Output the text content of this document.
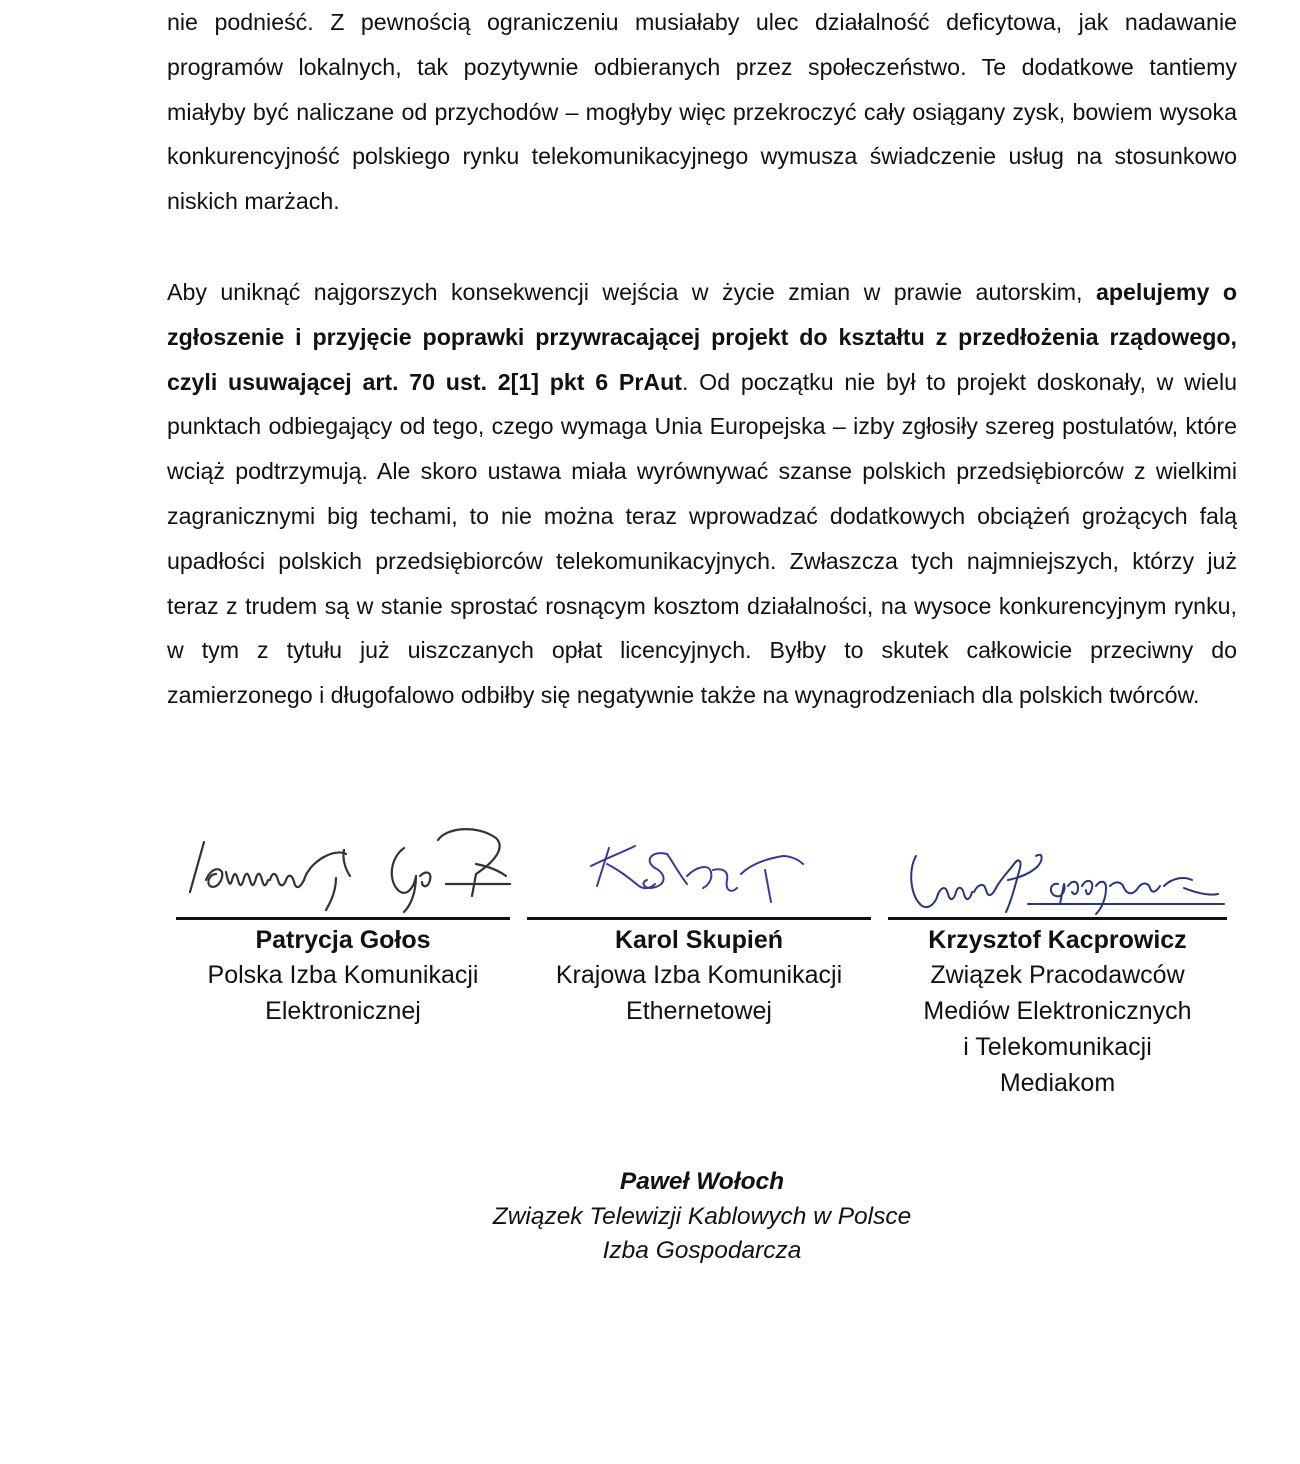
nie podnieść. Z pewnością ograniczeniu musiałaby ulec działalność deficytowa, jak nadawanie programów lokalnych, tak pozytywnie odbieranych przez społeczeństwo. Te dodatkowe tantiemy miałyby być naliczane od przychodów – mogłyby więc przekroczyć cały osiągany zysk, bowiem wysoka konkurencyjność polskiego rynku telekomunikacyjnego wymusza świadczenie usług na stosunkowo niskich marżach.

Aby uniknąć najgorszych konsekwencji wejścia w życie zmian w prawie autorskim, apelujemy o zgłoszenie i przyjęcie poprawki przywracającej projekt do kształtu z przedłożenia rządowego, czyli usuwającej art. 70 ust. 2[1] pkt 6 PrAut. Od początku nie był to projekt doskonały, w wielu punktach odbiegający od tego, czego wymaga Unia Europejska – izby zgłosiły szereg postulatów, które wciąż podtrzymują. Ale skoro ustawa miała wyrównywać szanse polskich przedsiębiorców z wielkimi zagranicznymi big techami, to nie można teraz wprowadzać dodatkowych obciążeń grożących falą upadłości polskich przedsiębiorców telekomunikacyjnych. Zwłaszcza tych najmniejszych, którzy już teraz z trudem są w stanie sprostać rosnącym kosztom działalności, na wysoce konkurencyjnym rynku, w tym z tytułu już uiszczanych opłat licencyjnych. Byłby to skutek całkowicie przeciwny do zamierzonego i długofalowo odbiłby się negatywnie także na wynagrodzeniach dla polskich twórców.

Patrycja Gołos
Polska Izba Komunikacji
Elektronicznej
Karol Skupień
Krajowa Izba Komunikacji
Ethernetowej
Krzysztof Kacprowicz
Związek Pracodawców
Mediów Elektronicznych
i Telekomunikacji
Mediakom
Paweł Wołoch
Związek Telewizji Kablowych w Polsce
Izba Gospodarcza
